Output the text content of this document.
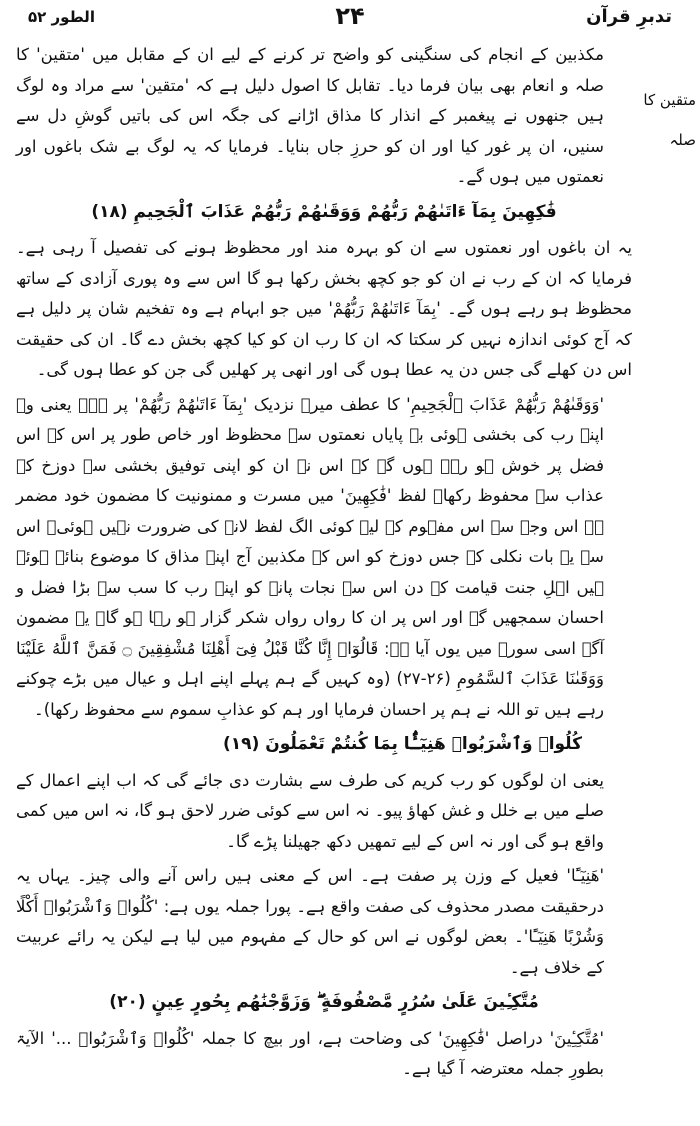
الطور ۵۲	۲۴	تدبرِ قرآن
متقین کا صلہ

مکذبین کے انجام کی سنگینی کو واضح تر کرنے کے لیے ان کے مقابل میں 'متقین' کا صلہ و انعام بھی بیان فرما دیا۔ تقابل کا اصول دلیل ہے کہ 'متقین' سے مراد وہ لوگ ہیں جنھوں نے پیغمبر کے انذار کا مذاق اڑانے کی جگہ اس کی باتیں گوشِ دل سے سنیں، ان پر غور کیا اور ان کو حرزِ جاں بنایا۔ فرمایا کہ یہ لوگ بے شک باغوں اور نعمتوں میں ہوں گے۔

فَٰكِهِينَ بِمَآ ءَاتَىٰهُمْ رَبُّهُمْ وَوَقَىٰهُمْ رَبُّهُمْ عَذَابَ ٱلْجَحِيمِ (۱۸)

یہ ان باغوں اور نعمتوں سے ان کو بہرہ مند اور محظوظ ہونے کی تفصیل آ رہی ہے۔ فرمایا کہ ان کے رب نے ان کو جو کچھ بخش رکھا ہو گا اس سے وہ پوری آزادی کے ساتھ محظوظ ہو رہے ہوں گے۔ 'بِمَآ ءَاتَىٰهُمْ رَبُّهُمْ' میں جو ابہام ہے وہ تفخیم شان پر دلیل ہے کہ آج کوئی اندازہ نہیں کر سکتا کہ ان کا رب ان کو کیا کچھ بخش دے گا۔ ان کی حقیقت اس دن کھلے گی جس دن یہ عطا ہوں گی اور انھی پر کھلیں گی جن کو عطا ہوں گی۔

'وَوَقَىٰهُمْ رَبُّهُمْ عَذَابَ ٱلْجَحِيمِ' کا عطف میرے نزدیک 'بِمَآ ءَاتَىٰهُمْ رَبُّهُمْ' پر ہے۔ یعنی وہ اپنے رب کی بخشی ہوئی بے پایاں نعمتوں سے محظوظ اور خاص طور پر اس کے اس فضل پر خوش ہو رہے ہوں گے کہ اس نے ان کو اپنی توفیق بخشی سے دوزخ کے عذاب سے محفوظ رکھا۔ لفظ 'فَٰكِهِينَ' میں مسرت و ممنونیت کا مضمون خود مضمر ہے اس وجہ سے اس مفہوم کے لیے کوئی الگ لفظ لانے کی ضرورت نہیں ہوئی۔ اس سے یہ بات نکلی کہ جس دوزخ کو اس کے مکذبین آج اپنے مذاق کا موضوع بنائے ہوئے ہیں اہلِ جنت قیامت کے دن اس سے نجات پانے کو اپنے رب کا سب سے بڑا فضل و احسان سمجھیں گے اور اس پر ان کا رواں رواں شکر گزار ہو رہا ہو گا۔ یہ مضمون آگے اسی سورہ میں یوں آیا ہے: قَالُوٓا۟ إِنَّا كُنَّا قَبْلُ فِىٓ أَهْلِنَا مُشْفِقِينَ ۝ فَمَنَّ ٱللَّهُ عَلَيْنَا وَوَقَىٰنَا عَذَابَ ٱلسَّمُومِ (۲۶-۲۷) (وہ کہیں گے ہم پہلے اپنے اہل و عیال میں بڑے چوکنے رہے ہیں تو اللہ نے ہم پر احسان فرمایا اور ہم کو عذابِ سموم سے محفوظ رکھا)۔

كُلُوا۟ وَٱشْرَبُوا۟ هَنِيٓـًٔۢا بِمَا كُنتُمْ تَعْمَلُونَ (۱۹)

یعنی ان لوگوں کو رب کریم کی طرف سے بشارت دی جائے گی کہ اب اپنے اعمال کے صلے میں بے خلل و غش کھاؤ پیو۔ نہ اس سے کوئی ضرر لاحق ہو گا، نہ اس میں کمی واقع ہو گی اور نہ اس کے لیے تمھیں دکھ جھیلنا پڑے گا۔

'هَنِيٓـًٔا' فعیل کے وزن پر صفت ہے۔ اس کے معنی ہیں راس آنے والی چیز۔ یہاں یہ درحقیقت مصدر محذوف کی صفت واقع ہے۔ پورا جملہ یوں ہے: 'كُلُوا۟ وَٱشْرَبُوا۟ أَكْلًا وَشُرْبًا هَنِيٓـًٔا'۔ بعض لوگوں نے اس کو حال کے مفہوم میں لیا ہے لیکن یہ رائے عربیت کے خلاف ہے۔

مُتَّكِـِٔينَ عَلَىٰ سُرُرٍ مَّصْفُوفَةٍ ۖ وَزَوَّجْنَٰهُم بِحُورٍ عِينٍ (۲۰)

'مُتَّكِـِٔينَ' دراصل 'فَٰكِهِينَ' کی وضاحت ہے، اور بیچ کا جملہ 'كُلُوا۟ وَٱشْرَبُوا۟ ...' الآیۃ بطورِ جملہ معترضہ آ گیا ہے۔
